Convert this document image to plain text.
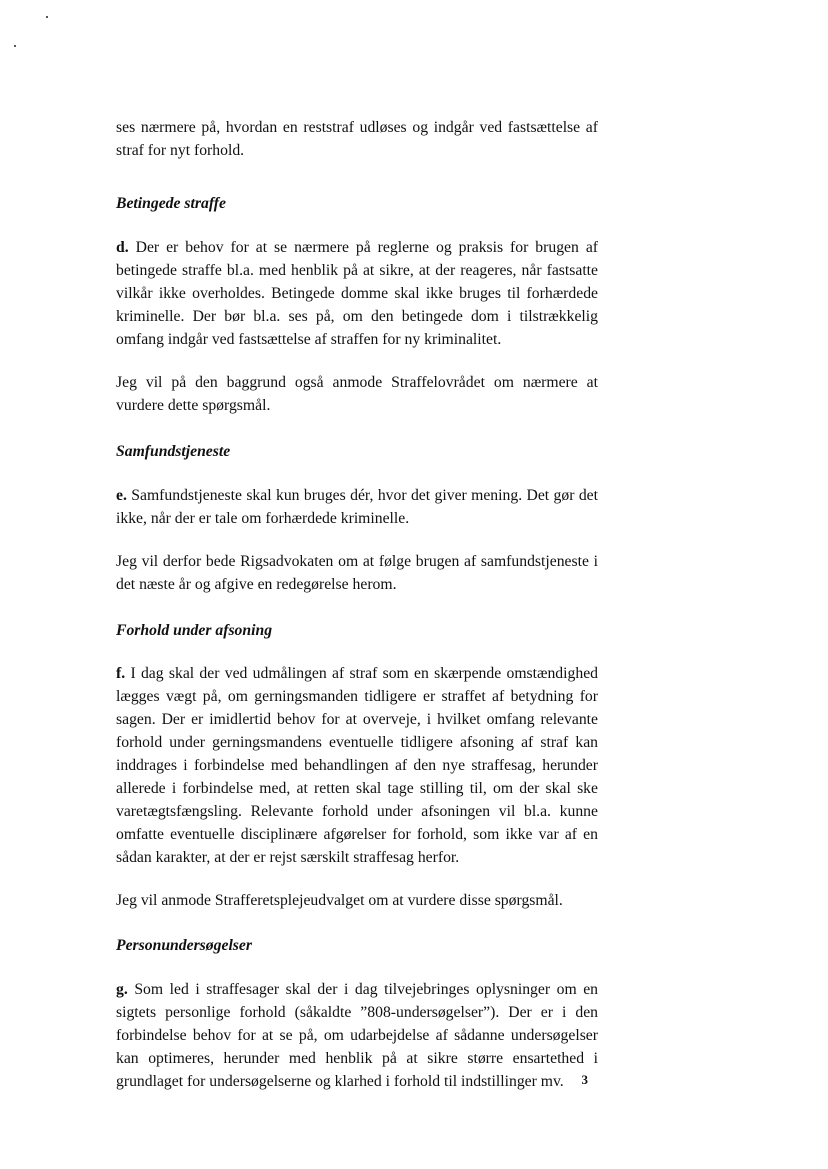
ses nærmere på, hvordan en reststraf udløses og indgår ved fastsættelse af straf for nyt forhold.

Betingede straffe

d. Der er behov for at se nærmere på reglerne og praksis for brugen af betingede straffe bl.a. med henblik på at sikre, at der reageres, når fastsatte vilkår ikke overholdes. Betingede domme skal ikke bruges til forhærdede kriminelle. Der bør bl.a. ses på, om den betingede dom i tilstrækkelig omfang indgår ved fastsættelse af straffen for ny kriminalitet.

Jeg vil på den baggrund også anmode Straffelovrådet om nærmere at vurdere dette spørgsmål.

Samfundstjeneste

e. Samfundstjeneste skal kun bruges dér, hvor det giver mening. Det gør det ikke, når der er tale om forhærdede kriminelle.

Jeg vil derfor bede Rigsadvokaten om at følge brugen af samfundstjeneste i det næste år og afgive en redegørelse herom.

Forhold under afsoning

f. I dag skal der ved udmålingen af straf som en skærpende omstændighed lægges vægt på, om gerningsmanden tidligere er straffet af betydning for sagen. Der er imidlertid behov for at overveje, i hvilket omfang relevante forhold under gerningsmandens eventuelle tidligere afsoning af straf kan inddrages i forbindelse med behandlingen af den nye straffesag, herunder allerede i forbindelse med, at retten skal tage stilling til, om der skal ske varetægtsfængsling. Relevante forhold under afsoningen vil bl.a. kunne omfatte eventuelle disciplinære afgørelser for forhold, som ikke var af en sådan karakter, at der er rejst særskilt straffesag herfor.

Jeg vil anmode Strafferetsplejeudvalget om at vurdere disse spørgsmål.

Personundersøgelser

g. Som led i straffesager skal der i dag tilvejebringes oplysninger om en sigtets personlige forhold (såkaldte ”808-undersøgelser”). Der er i den forbindelse behov for at se på, om udarbejdelse af sådanne undersøgelser kan optimeres, herunder med henblik på at sikre større ensartethed i grundlaget for undersøgelserne og klarhed i forhold til indstillinger mv.	3
